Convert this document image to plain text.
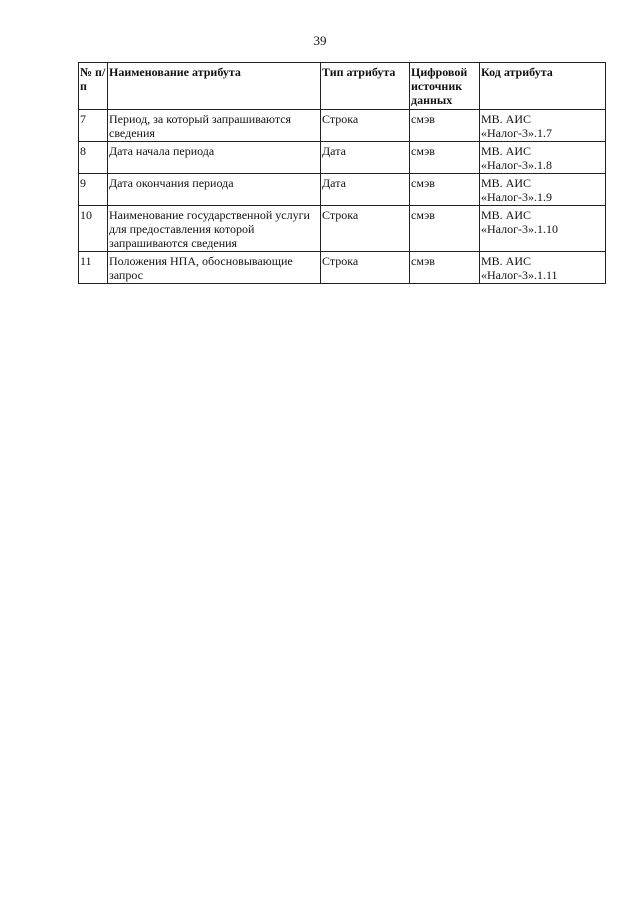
39
№ п/п	Наименование атрибута	Тип атрибута	Цифровой источник данных	Код атрибута
7	Период, за который запрашиваются сведения	Строка	смэв	МВ. АИС «Налог-3».1.7
8	Дата начала периода	Дата	смэв	МВ. АИС «Налог-3».1.8
9	Дата окончания периода	Дата	смэв	МВ. АИС «Налог-3».1.9
10	Наименование государственной услуги для предоставления которой запрашиваются сведения	Строка	смэв	МВ. АИС «Налог-3».1.10
11	Положения НПА, обосновывающие запрос	Строка	смэв	МВ. АИС «Налог-3».1.11
